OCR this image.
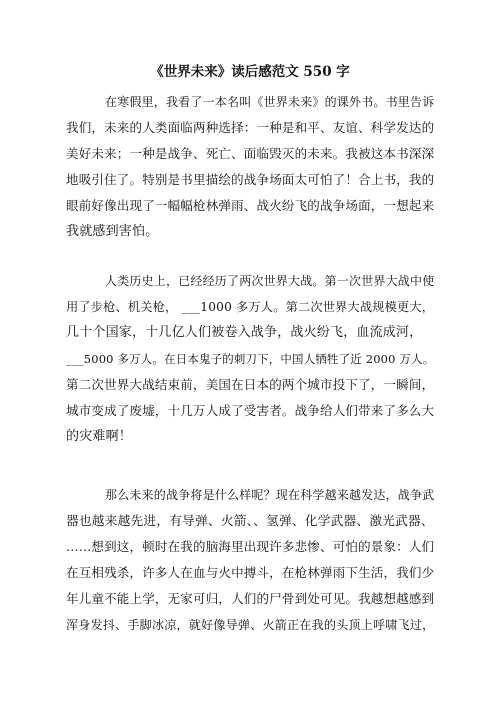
《世界未来》读后感范文 550 字
在寒假里，我看了一本名叫《世界未来》的课外书。书里告诉
我们，未来的人类面临两种选择：一种是和平、友谊、科学发达的
美好未来；一种是战争、死亡、面临毁灭的未来。我被这本书深深
地吸引住了。特别是书里描绘的战争场面太可怕了！合上书，我的
眼前好像出现了一幅幅枪林弹雨、战火纷飞的战争场面，一想起来
我就感到害怕。
人类历史上，已经经历了两次世界大战。第一次世界大战中使
用了步枪、机关枪， ___1000 多万人。第二次世界大战规模更大，
几十个国家，十几亿人们被卷入战争，战火纷飞，血流成河，
___5000 多万人。在日本鬼子的刺刀下，中国人牺牲了近 2000 万人。
第二次世界大战结束前，美国在日本的两个城市投下了，一瞬间，
城市变成了废墟，十几万人成了受害者。战争给人们带来了多么大
的灾难啊！
那么未来的战争将是什么样呢？现在科学越来越发达，战争武
器也越来越先进，有导弹、火箭、、氢弹、化学武器、激光武器、
……想到这，顿时在我的脑海里出现许多悲惨、可怕的景象：人们
在互相残杀，许多人在血与火中搏斗，在枪林弹雨下生活，我们少
年儿童不能上学，无家可归，人们的尸骨到处可见。我越想越感到
浑身发抖、手脚冰凉，就好像导弹、火箭正在我的头顶上呼啸飞过，
